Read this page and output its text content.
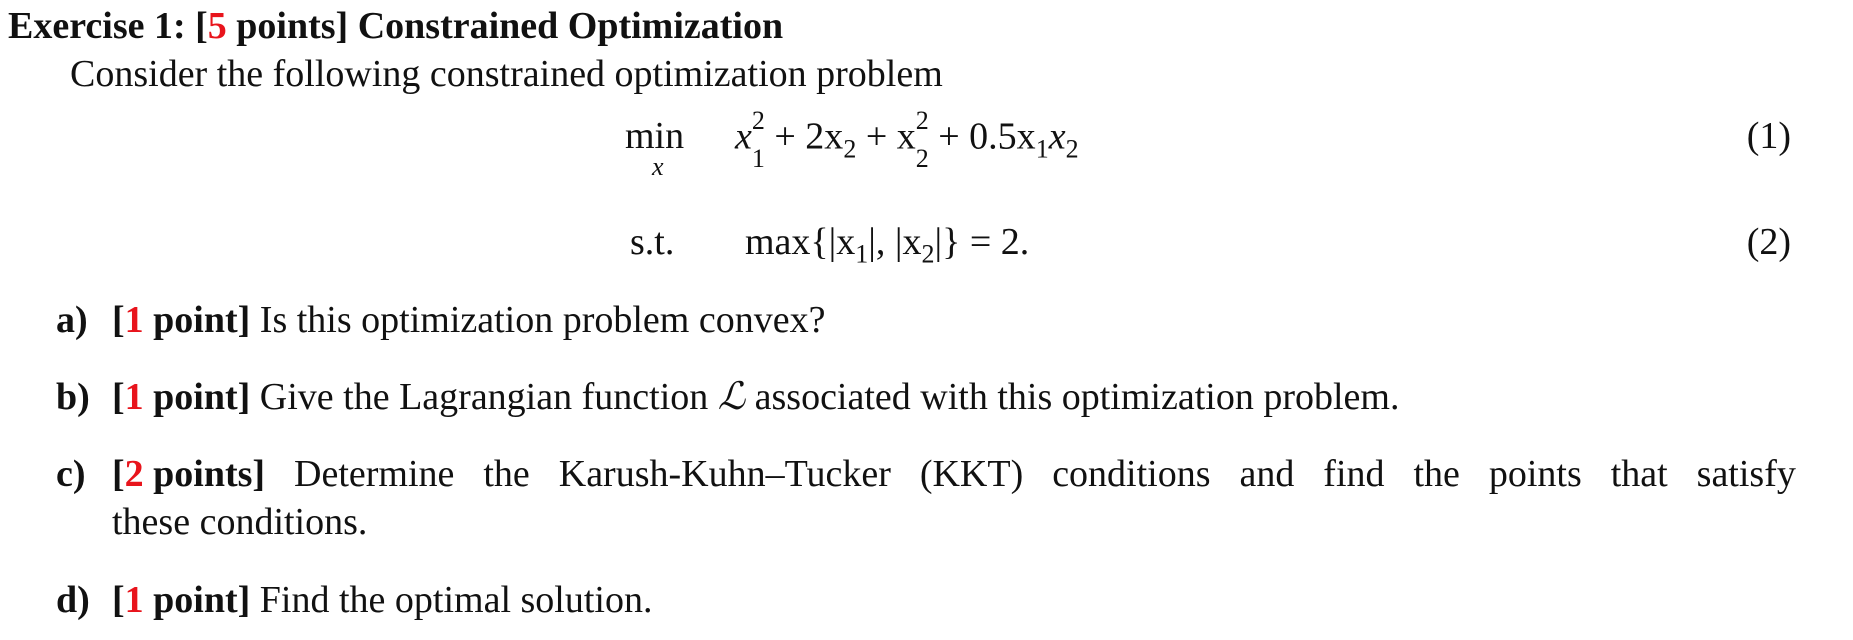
Exercise 1: [5 points] Constrained Optimization
Consider the following constrained optimization problem
min
x
x 2
1
+ $2x_2 + x$ 2
2
+ $0.5x_1x_2$	(1)
s.t. $\max\{|x_1|$, $|x_2|\} = 2$.	(2)
a) [1 point] Is this optimization problem convex?
b) [1 point] Give the Lagrangian function ℒ associated with this optimization problem.
c) [2 points] Determine the Karush-Kuhn–Tucker (KKT) conditions and find the points that satisfy
these conditions.
d) [1 point] Find the optimal solution.
